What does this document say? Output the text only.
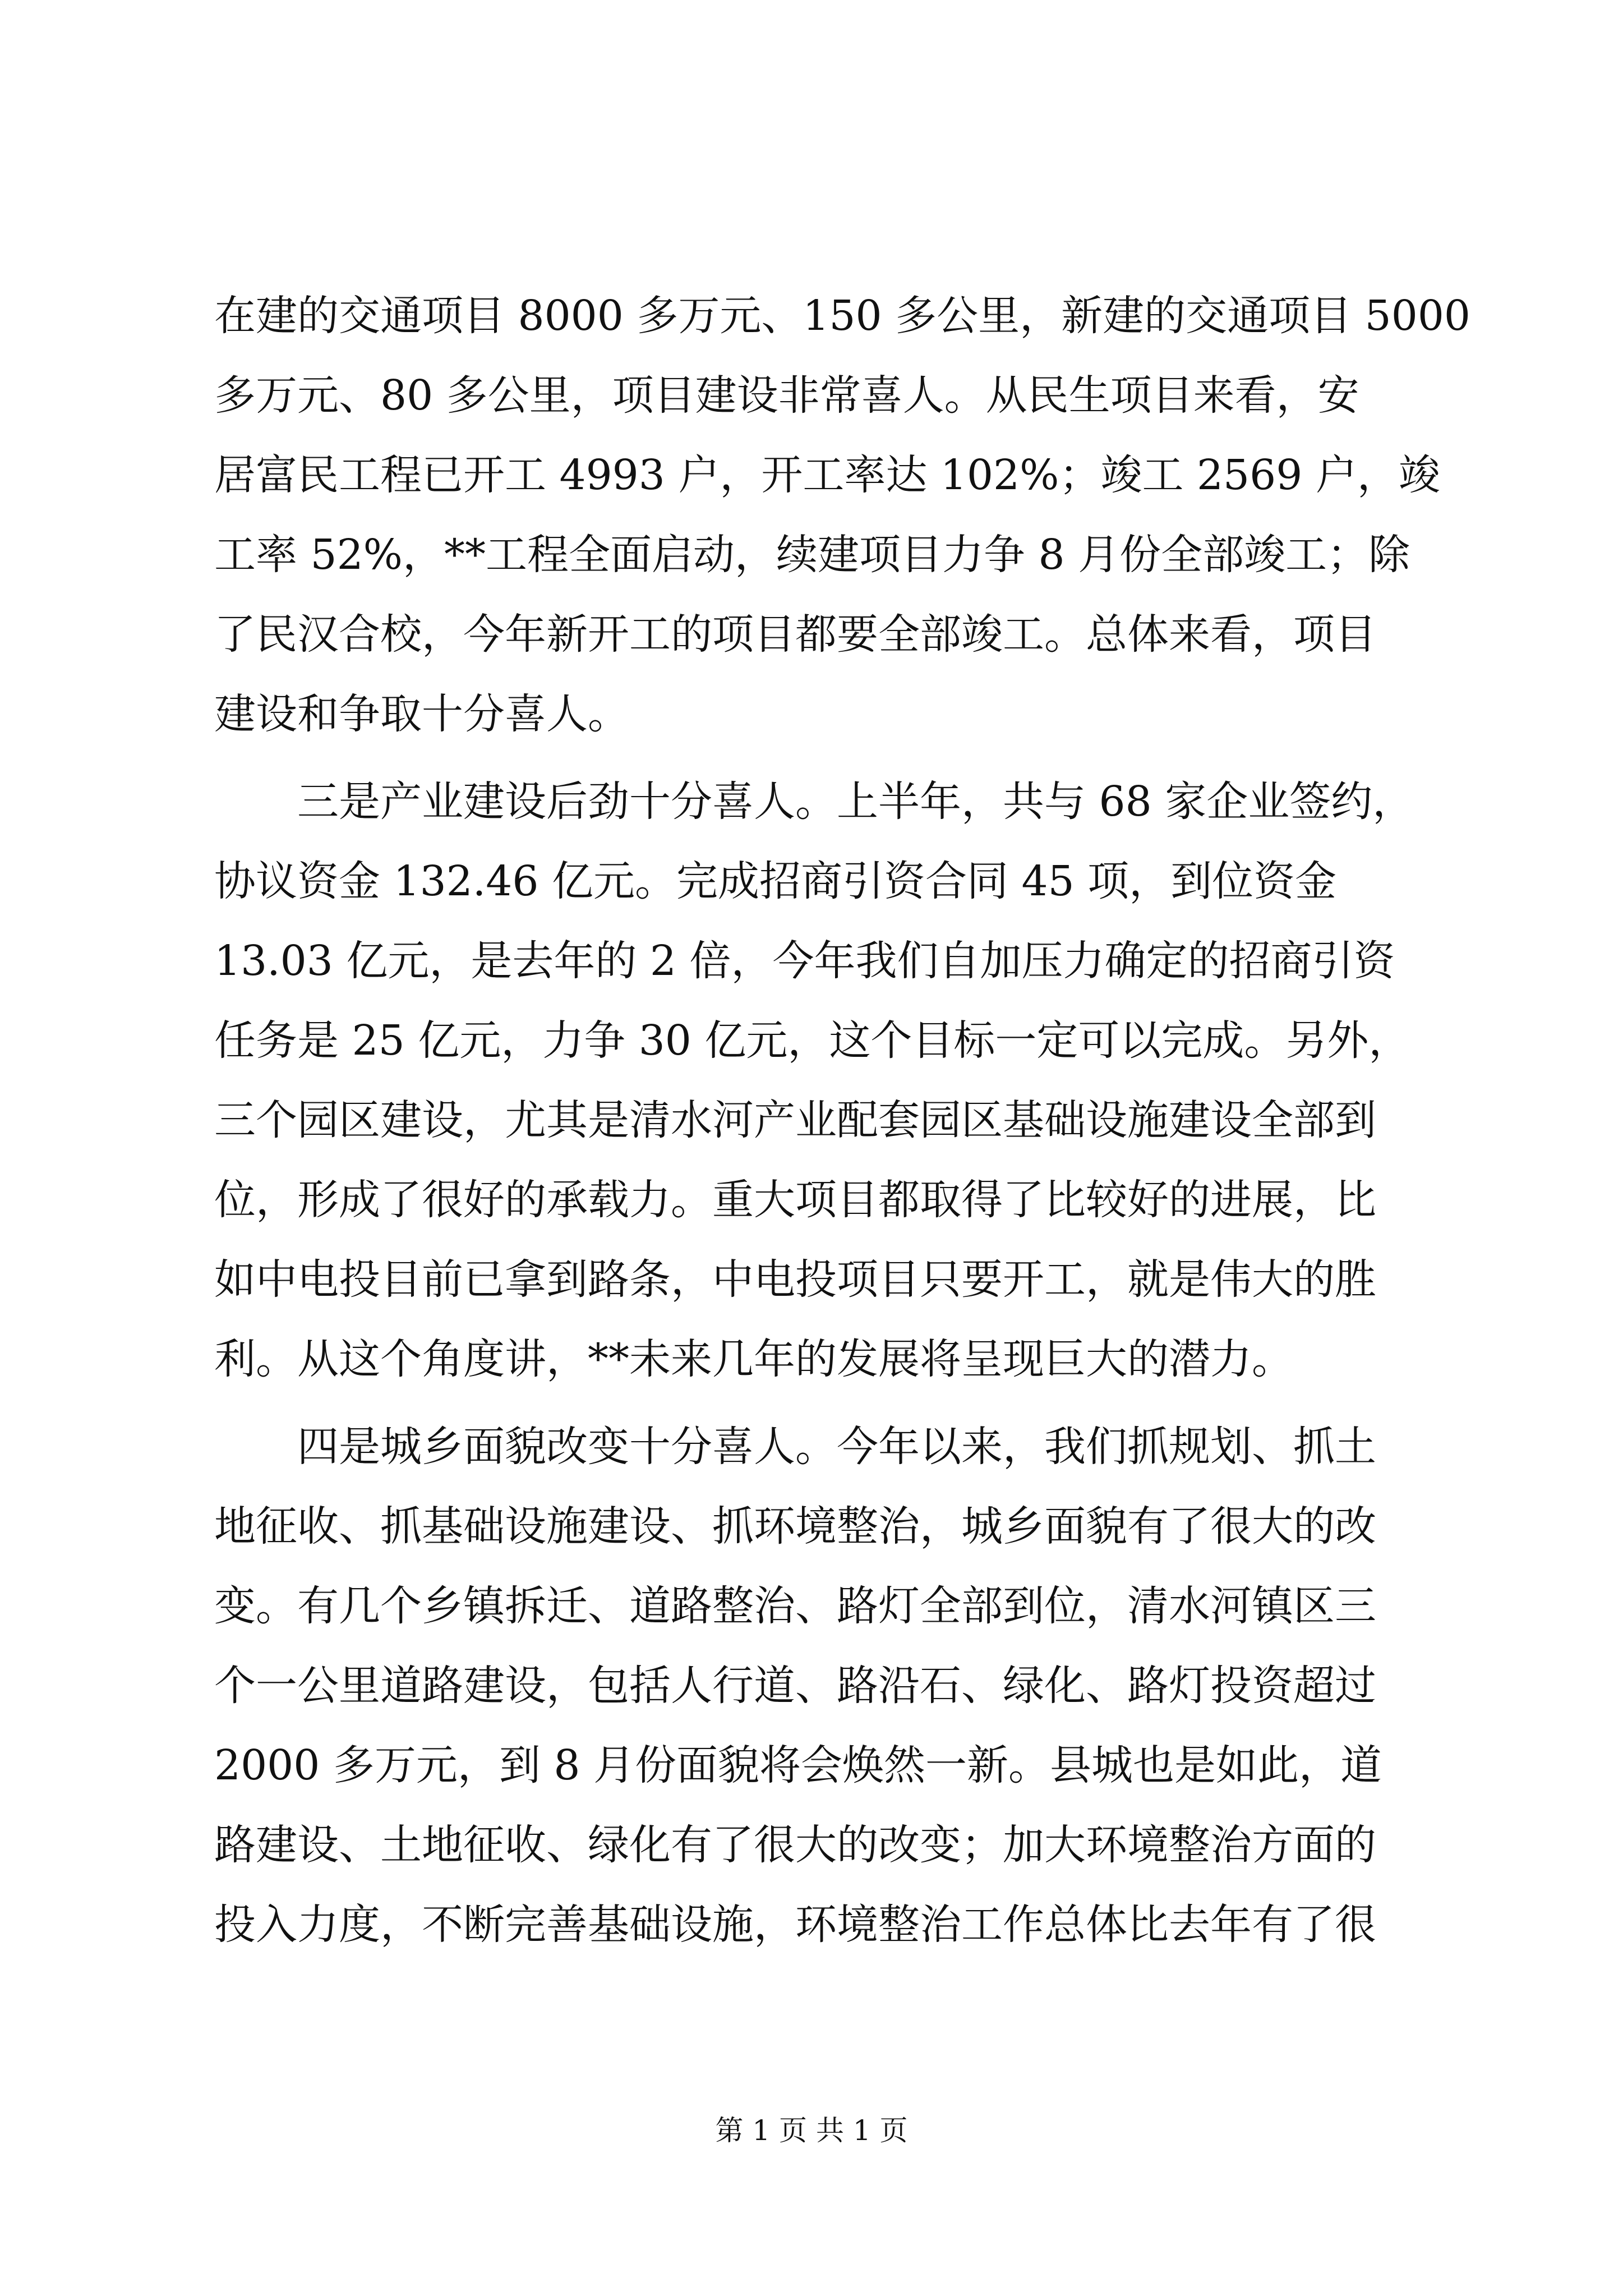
在建的交通项目 8000 多万元、150 多公里，新建的交通项目 5000
多万元、80 多公里，项目建设非常喜人。从民生项目来看，安
居富民工程已开工 4993 户，开工率达 102%；竣工 2569 户，竣
工率 52%，**工程全面启动，续建项目力争 8 月份全部竣工；除
了民汉合校，今年新开工的项目都要全部竣工。总体来看，项目
建设和争取十分喜人。
　　三是产业建设后劲十分喜人。上半年，共与 68 家企业签约，
协议资金 132.46 亿元。完成招商引资合同 45 项，到位资金
13.03 亿元，是去年的 2 倍，今年我们自加压力确定的招商引资
任务是 25 亿元，力争 30 亿元，这个目标一定可以完成。另外，
三个园区建设，尤其是清水河产业配套园区基础设施建设全部到
位，形成了很好的承载力。重大项目都取得了比较好的进展，比
如中电投目前已拿到路条，中电投项目只要开工，就是伟大的胜
利。从这个角度讲，**未来几年的发展将呈现巨大的潜力。
　　四是城乡面貌改变十分喜人。今年以来，我们抓规划、抓土
地征收、抓基础设施建设、抓环境整治，城乡面貌有了很大的改
变。有几个乡镇拆迁、道路整治、路灯全部到位，清水河镇区三
个一公里道路建设，包括人行道、路沿石、绿化、路灯投资超过
2000 多万元，到 8 月份面貌将会焕然一新。县城也是如此，道
路建设、土地征收、绿化有了很大的改变；加大环境整治方面的
投入力度，不断完善基础设施，环境整治工作总体比去年有了很
第 1 页 共 1 页
